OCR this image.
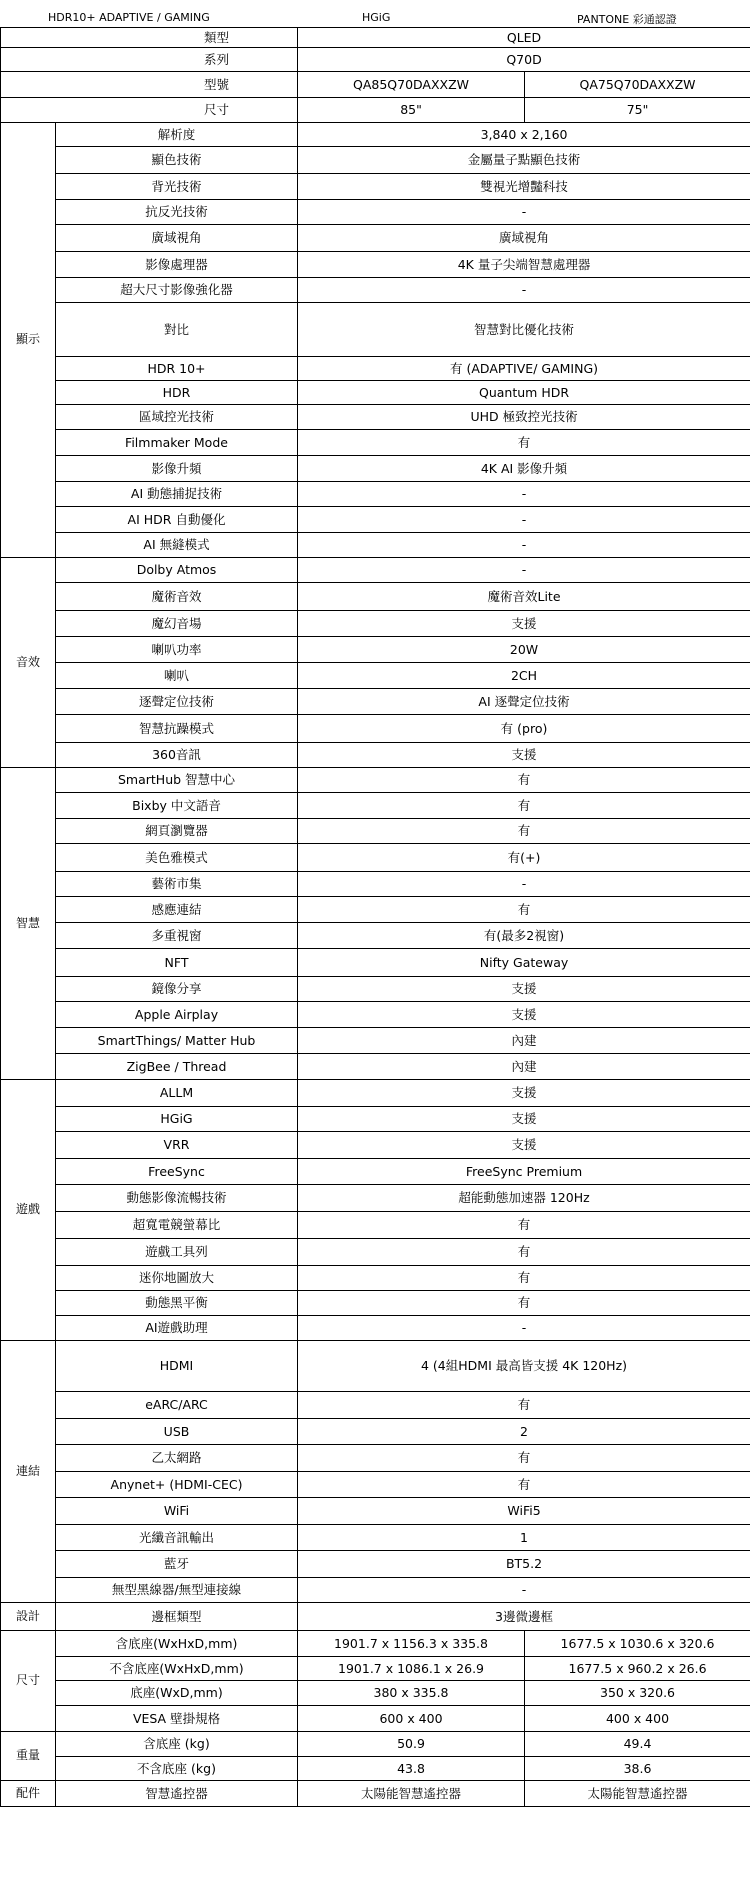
HDR10+ ADAPTIVE / GAMING	HGiG	PANTONE 彩通認證
類型		QLED	
系列		Q70D	
型號		QA85Q70DAXXZW	QA75Q70DAXXZW
尺寸		85"	75"
顯示	解析度	3,840 x 2,160	
	顯色技術	金屬量子點顯色技術	
	背光技術	雙視光增豔科技	
	抗反光技術	-	
	廣域視角	廣域視角	
	影像處理器	4K 量子尖端智慧處理器	
	超大尺寸影像強化器	-	
	對比	智慧對比優化技術	
	HDR 10+	有 (ADAPTIVE/ GAMING)	
	HDR	Quantum HDR	
	區域控光技術	UHD 極致控光技術	
	Filmmaker Mode	有	
	影像升頻	4K AI 影像升頻	
	AI 動態捕捉技術	-	
	AI HDR 自動優化	-	
	AI 無縫模式	-	
音效	Dolby Atmos	-	
	魔術音效	魔術音效Lite	
	魔幻音場	支援	
	喇叭功率	20W	
	喇叭	2CH	
	逐聲定位技術	AI 逐聲定位技術	
	智慧抗躁模式	有 (pro)	
	360音訊	支援	
智慧	SmartHub 智慧中心	有	
	Bixby 中文語音	有	
	網頁瀏覽器	有	
	美色雅模式	有(+)	
	藝術市集	-	
	感應連結	有	
	多重視窗	有(最多2視窗)	
	NFT	Nifty Gateway	
	鏡像分享	支援	
	Apple Airplay	支援	
	SmartThings/ Matter Hub	內建	
	ZigBee / Thread	內建	
遊戲	ALLM	支援	
	HGiG	支援	
	VRR	支援	
	FreeSync	FreeSync Premium	
	動態影像流暢技術	超能動態加速器 120Hz	
	超寬電競螢幕比	有	
	遊戲工具列	有	
	迷你地圖放大	有	
	動態黑平衡	有	
	AI遊戲助理	-	
連結	HDMI	4 (4組HDMI 最高皆支援 4K 120Hz)	
	eARC/ARC	有	
	USB	2	
	乙太網路	有	
	Anynet+ (HDMI-CEC)	有	
	WiFi	WiFi5	
	光纖音訊輸出	1	
	藍牙	BT5.2	
	無型黑線器/無型連接線	-	
設計	邊框類型	3邊微邊框	
尺寸	含底座(WxHxD,mm)	1901.7 x 1156.3 x 335.8	1677.5 x 1030.6 x 320.6
	不含底座(WxHxD,mm)	1901.7 x 1086.1 x 26.9	1677.5 x 960.2 x 26.6
	底座(WxD,mm)	380 x 335.8	350 x 320.6
	VESA 壁掛規格	600 x 400	400 x 400
重量	含底座 (kg)	50.9	49.4
	不含底座 (kg)	43.8	38.6
配件	智慧遙控器	太陽能智慧遙控器	太陽能智慧遙控器
